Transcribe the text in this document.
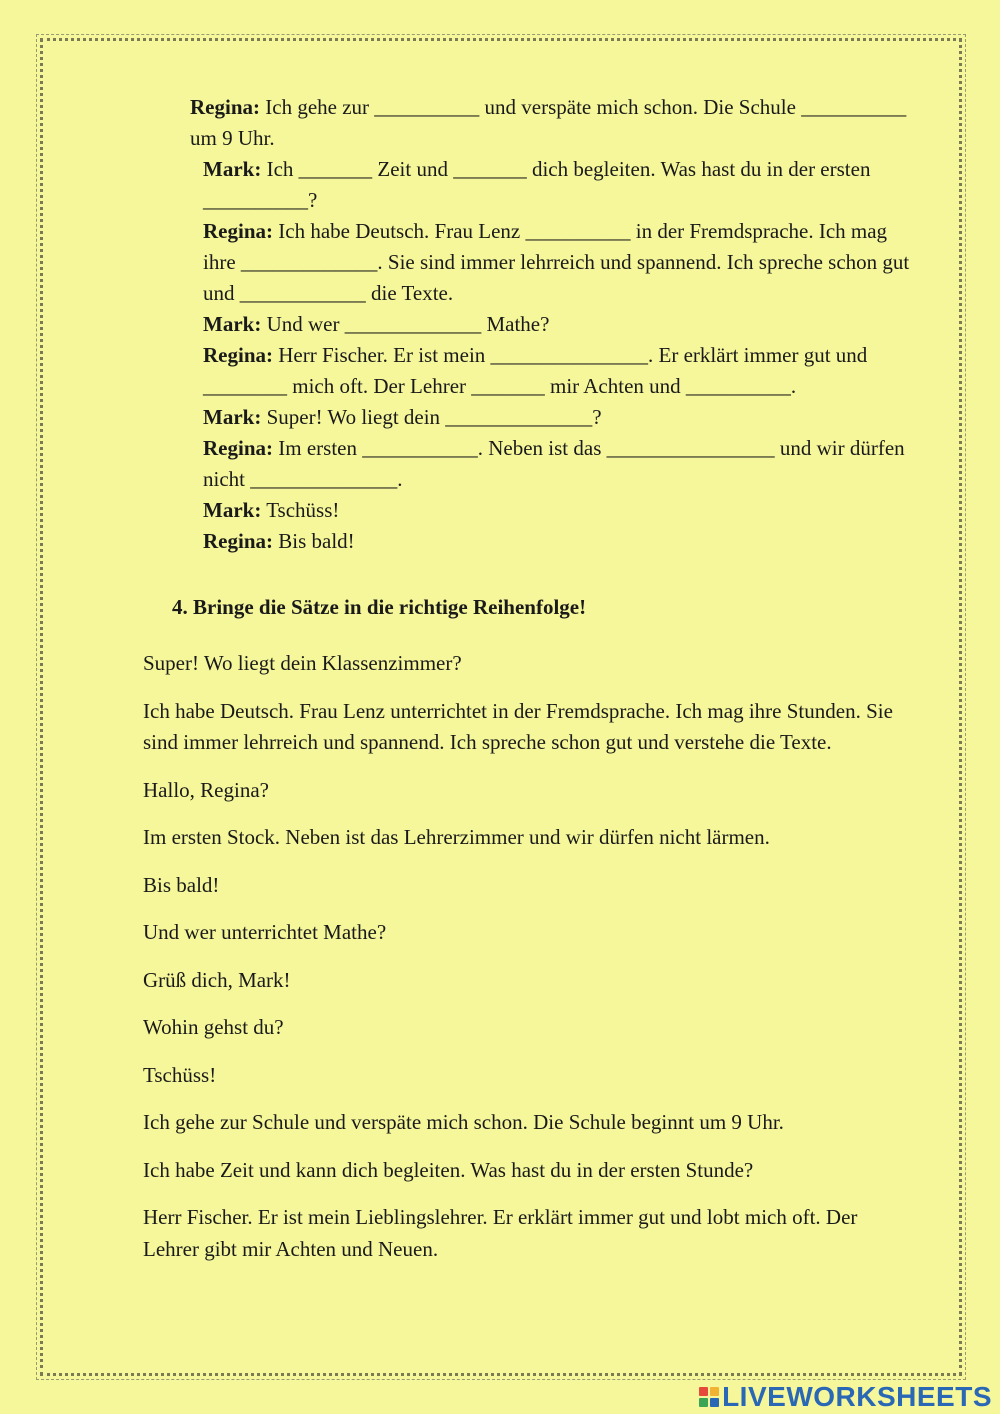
Regina: Ich gehe zur __________ und verspäte mich schon. Die Schule __________ um 9 Uhr.

Mark: Ich _______ Zeit und _______ dich begleiten. Was hast du in der ersten __________?

Regina: Ich habe Deutsch. Frau Lenz __________ in der Fremdsprache. Ich mag ihre _____________. Sie sind immer lehrreich und spannend. Ich spreche schon gut und ____________ die Texte.

Mark: Und wer _____________ Mathe?

Regina: Herr Fischer. Er ist mein _______________. Er erklärt immer gut und ________ mich oft. Der Lehrer _______ mir Achten und __________.

Mark: Super! Wo liegt dein ______________?

Regina: Im ersten ___________. Neben ist das ________________ und wir dürfen nicht ______________.

Mark: Tschüss!

Regina: Bis bald!

4. Bringe die Sätze in die richtige Reihenfolge!

Super! Wo liegt dein Klassenzimmer?

Ich habe Deutsch. Frau Lenz unterrichtet in der Fremdsprache. Ich mag ihre Stunden. Sie sind immer lehrreich und spannend. Ich spreche schon gut und verstehe die Texte.

Hallo, Regina?

Im ersten Stock. Neben ist das Lehrerzimmer und wir dürfen nicht lärmen.

Bis bald!

Und wer unterrichtet Mathe?

Grüß dich, Mark!

Wohin gehst du?

Tschüss!

Ich gehe zur Schule und verspäte mich schon. Die Schule beginnt um 9 Uhr.

Ich habe Zeit und kann dich begleiten. Was hast du in der ersten Stunde?

Herr Fischer. Er ist mein Lieblingslehrer. Er erklärt immer gut und lobt mich oft. Der Lehrer gibt mir Achten und Neuen.

LIVEWORKSHEETS
